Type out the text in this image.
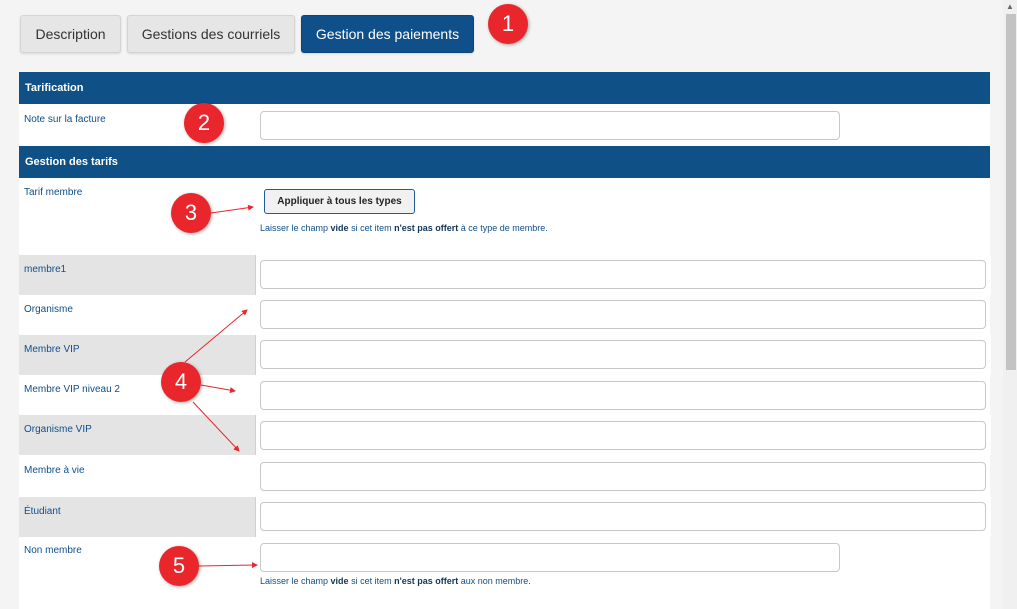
Description	Gestions des courriels	Gestion des paiements	1
2
3
4
5
Tarification
Note sur la facture
Gestion des tarifs
Tarif membre
Appliquer à tous les types
Laisser le champ vide si cet item n'est pas offert à ce type de membre.
membre1
Organisme
Membre VIP
Membre VIP niveau 2
Organisme VIP
Membre à vie
Étudiant
Non membre
Laisser le champ vide si cet item n'est pas offert aux non membre.
▲
